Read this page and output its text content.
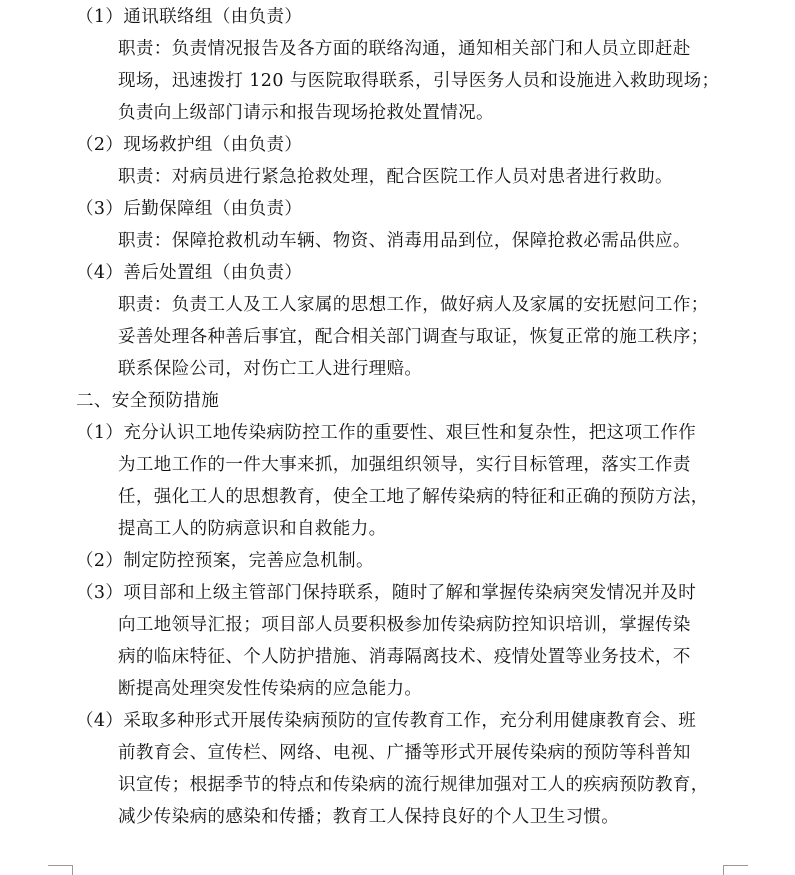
（1）通讯联络组（由负责）
职责：负责情况报告及各方面的联络沟通，通知相关部门和人员立即赶赴
现场，迅速拨打 120 与医院取得联系，引导医务人员和设施进入救助现场；
负责向上级部门请示和报告现场抢救处置情况。
（2）现场救护组（由负责）
职责：对病员进行紧急抢救处理，配合医院工作人员对患者进行救助。
（3）后勤保障组（由负责）
职责：保障抢救机动车辆、物资、消毒用品到位，保障抢救必需品供应。
（4）善后处置组（由负责）
职责：负责工人及工人家属的思想工作，做好病人及家属的安抚慰问工作；
妥善处理各种善后事宜，配合相关部门调查与取证，恢复正常的施工秩序；
联系保险公司，对伤亡工人进行理赔。
二、安全预防措施
（1）充分认识工地传染病防控工作的重要性、艰巨性和复杂性，把这项工作作
为工地工作的一件大事来抓，加强组织领导，实行目标管理，落实工作责
任，强化工人的思想教育，使全工地了解传染病的特征和正确的预防方法，
提高工人的防病意识和自救能力。
（2）制定防控预案，完善应急机制。
（3）项目部和上级主管部门保持联系，随时了解和掌握传染病突发情况并及时
向工地领导汇报；项目部人员要积极参加传染病防控知识培训，掌握传染
病的临床特征、个人防护措施、消毒隔离技术、疫情处置等业务技术，不
断提高处理突发性传染病的应急能力。
（4）采取多种形式开展传染病预防的宣传教育工作，充分利用健康教育会、班
前教育会、宣传栏、网络、电视、广播等形式开展传染病的预防等科普知
识宣传；根据季节的特点和传染病的流行规律加强对工人的疾病预防教育，
减少传染病的感染和传播；教育工人保持良好的个人卫生习惯。
